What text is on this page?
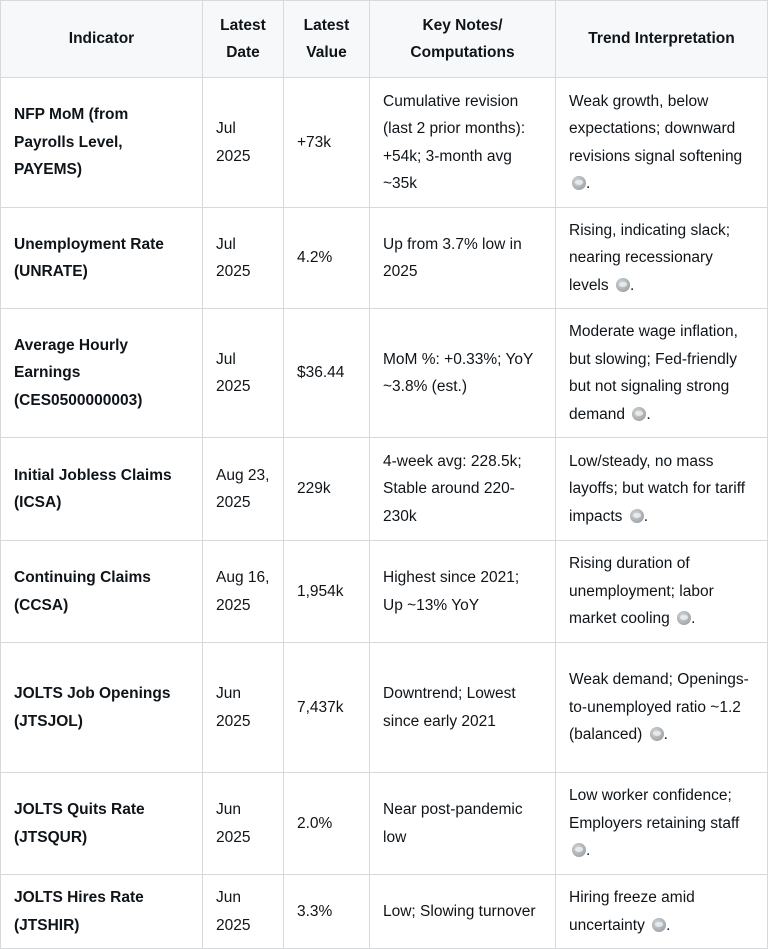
Indicator	Latest Date	Latest Value	Key Notes/ Computations	Trend Interpretation
NFP MoM (from Payrolls Level, PAYEMS)	Jul 2025	+73k	Cumulative revision (last 2 prior months): +54k; 3-month avg ~35k	Weak growth, below expectations; downward revisions signal softening .
Unemployment Rate (UNRATE)	Jul 2025	4.2%	Up from 3.7% low in 2025	Rising, indicating slack; nearing recessionary levels .
Average Hourly Earnings (CES0500000003)	Jul 2025	$36.44	MoM %: +0.33%; YoY ~3.8% (est.)	Moderate wage inflation, but slowing; Fed-friendly but not signaling strong demand .
Initial Jobless Claims (ICSA)	Aug 23, 2025	229k	4-week avg: 228.5k; Stable around 220-230k	Low/steady, no mass layoffs; but watch for tariff impacts .
Continuing Claims (CCSA)	Aug 16, 2025	1,954k	Highest since 2021; Up ~13% YoY	Rising duration of unemployment; labor market cooling .
JOLTS Job Openings (JTSJOL)	Jun 2025	7,437k	Downtrend; Lowest since early 2021	Weak demand; Openings-to-unemployed ratio ~1.2 (balanced) .
JOLTS Quits Rate (JTSQUR)	Jun 2025	2.0%	Near post-pandemic low	Low worker confidence; Employers retaining staff .
JOLTS Hires Rate (JTSHIR)	Jun 2025	3.3%	Low; Slowing turnover	Hiring freeze amid uncertainty .
